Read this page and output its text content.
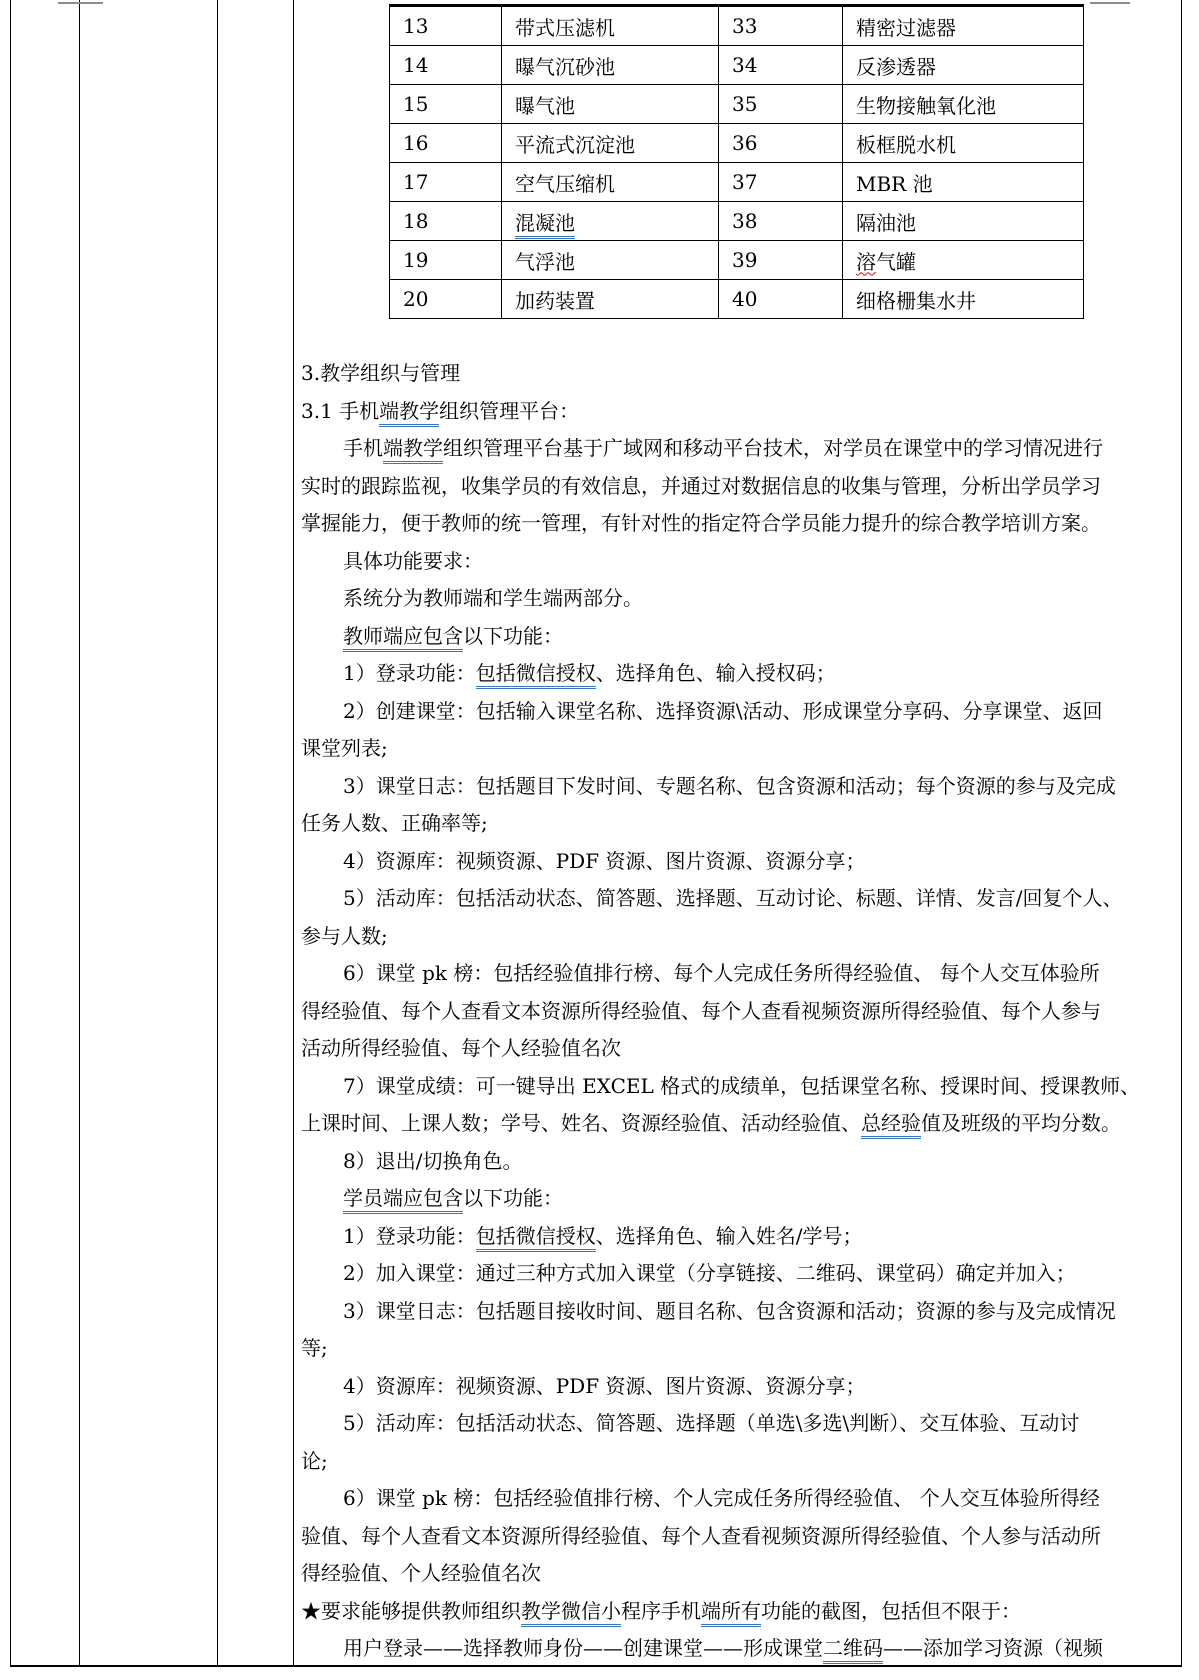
13	带式压滤机	33	精密过滤器
14	曝气沉砂池	34	反渗透器
15	曝气池	35	生物接触氧化池
16	平流式沉淀池	36	板框脱水机
17	空气压缩机	37	MBR 池
18	混凝池	38	隔油池
19	气浮池	39	溶气罐
20	加药装置	40	细格栅集水井
3.教学组织与管理
3.1 手机端教学组织管理平台：
手机端教学组织管理平台基于广域网和移动平台技术，对学员在课堂中的学习情况进行
实时的跟踪监视，收集学员的有效信息，并通过对数据信息的收集与管理，分析出学员学习
掌握能力，便于教师的统一管理，有针对性的指定符合学员能力提升的综合教学培训方案。
具体功能要求：
系统分为教师端和学生端两部分。
教师端应包含以下功能：
1）登录功能：包括微信授权、选择角色、输入授权码；
2）创建课堂：包括输入课堂名称、选择资源\活动、形成课堂分享码、分享课堂、返回
课堂列表;
3）课堂日志：包括题目下发时间、专题名称、包含资源和活动；每个资源的参与及完成
任务人数、正确率等;
4）资源库：视频资源、PDF 资源、图片资源、资源分享；
5）活动库：包括活动状态、简答题、选择题、互动讨论、标题、详情、发言/回复个人、
参与人数;
6）课堂 pk 榜：包括经验值排行榜、每个人完成任务所得经验值、 每个人交互体验所
得经验值、每个人查看文本资源所得经验值、每个人查看视频资源所得经验值、每个人参与
活动所得经验值、每个人经验值名次
7）课堂成绩：可一键导出 EXCEL 格式的成绩单，包括课堂名称、授课时间、授课教师、
上课时间、上课人数；学号、姓名、资源经验值、活动经验值、总经验值及班级的平均分数。
8）退出/切换角色。
学员端应包含以下功能：
1）登录功能：包括微信授权、选择角色、输入姓名/学号；
2）加入课堂：通过三种方式加入课堂（分享链接、二维码、课堂码）确定并加入；
3）课堂日志：包括题目接收时间、题目名称、包含资源和活动；资源的参与及完成情况
等;
4）资源库：视频资源、PDF 资源、图片资源、资源分享；
5）活动库：包括活动状态、简答题、选择题（单选\多选\判断）、交互体验、互动讨
论;
6）课堂 pk 榜：包括经验值排行榜、个人完成任务所得经验值、 个人交互体验所得经
验值、每个人查看文本资源所得经验值、每个人查看视频资源所得经验值、个人参与活动所
得经验值、个人经验值名次
★要求能够提供教师组织教学微信小程序手机端所有功能的截图，包括但不限于：
用户登录——选择教师身份——创建课堂——形成课堂二维码——添加学习资源（视频
